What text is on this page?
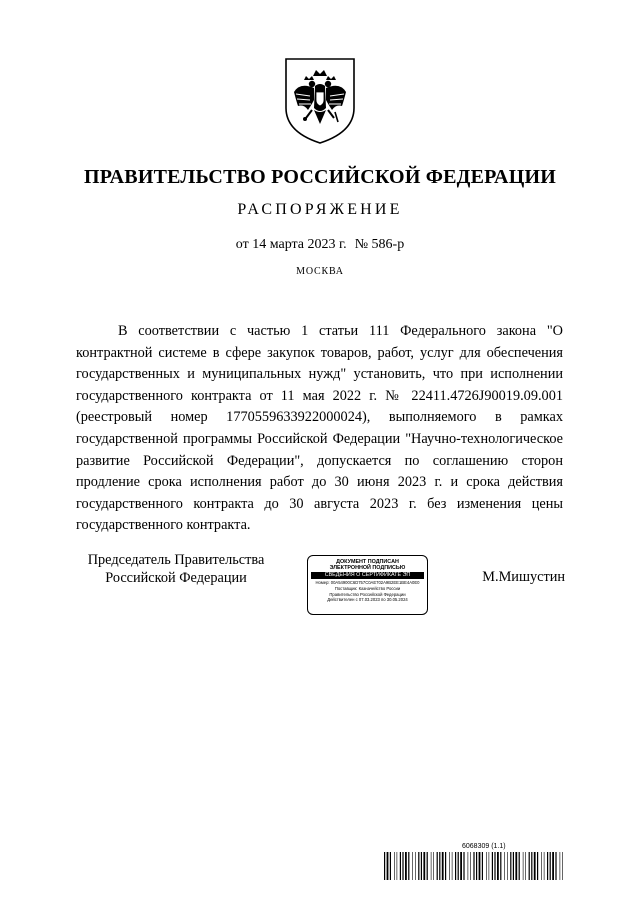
ПРАВИТЕЛЬСТВО РОССИЙСКОЙ ФЕДЕРАЦИИ
РАСПОРЯЖЕНИЕ
от 14 марта 2023 г. № 586-р
МОСКВА

В соответствии с частью 1 статьи 111 Федерального закона "О контрактной системе в сфере закупок товаров, работ, услуг для обеспечения государственных и муниципальных нужд" установить, что при исполнении государственного контракта от 11 мая 2022 г. № 22411.4726J90019.09.001 (реестровый номер 1770559633922000024), выполняемого в рамках государственной программы Российской Федерации "Научно-технологическое развитие Российской Федерации", допускается по соглашению сторон продление срока исполнения работ до 30 июня 2023 г. и срока действия государственного контракта до 30 августа 2023 г. без изменения цены государственного контракта.

Председатель Правительства
Российской Федерации
ДОКУМЕНТ ПОДПИСАН
ЭЛЕКТРОННОЙ ПОДПИСЬЮ
СВЕДЕНИЯ О СЕРТИФИКАТЕ ЭП
Номер: 00A54900C6D757C0AE702A9B2EE1BE4A0E0
Поставщик: Казначейство России
Правительство Российской Федерации
Действителен с 07.03.2023 по 30.05.2024
М.Мишустин
6068309 (1.1)
